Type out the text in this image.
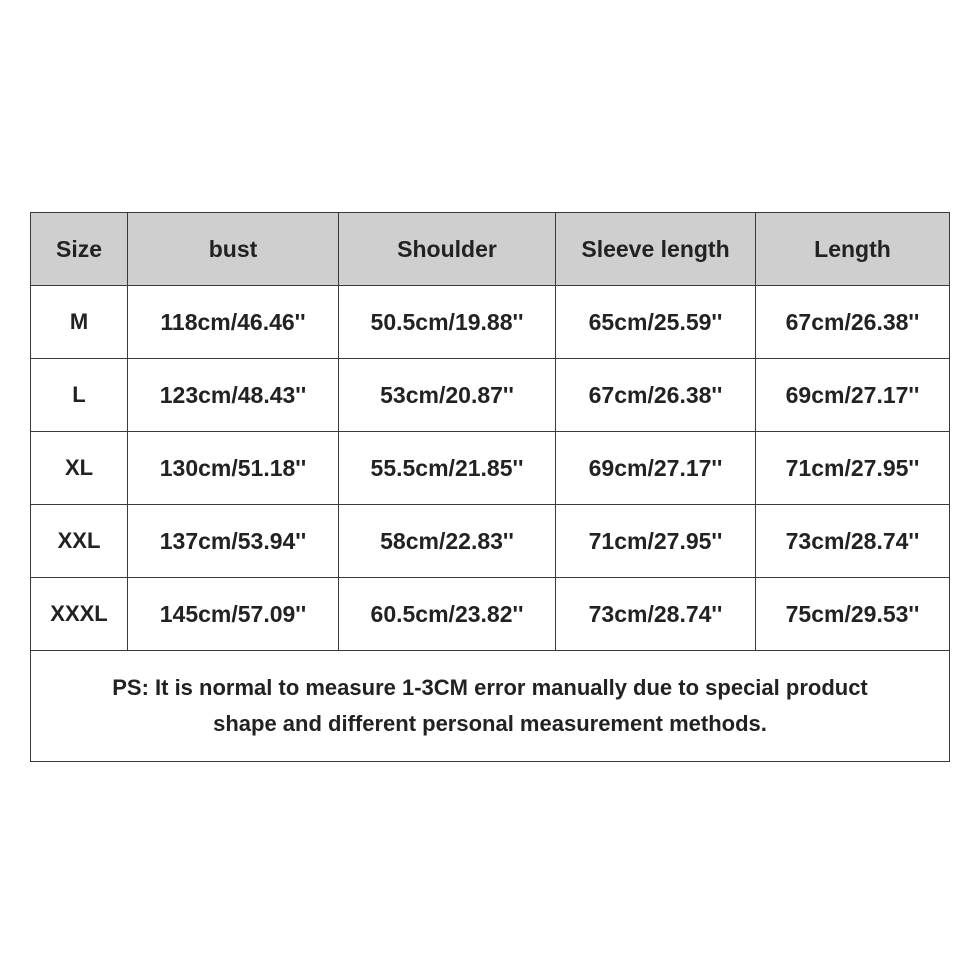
Size	bust	Shoulder	Sleeve length	Length
M	118cm/46.46''	50.5cm/19.88''	65cm/25.59''	67cm/26.38''
L	123cm/48.43''	53cm/20.87''	67cm/26.38''	69cm/27.17''
XL	130cm/51.18''	55.5cm/21.85''	69cm/27.17''	71cm/27.95''
XXL	137cm/53.94''	58cm/22.83''	71cm/27.95''	73cm/28.74''
XXXL	145cm/57.09''	60.5cm/23.82''	73cm/28.74''	75cm/29.53''

PS: It is normal to measure 1-3CM error manually due to special product
shape and different personal measurement methods.				
